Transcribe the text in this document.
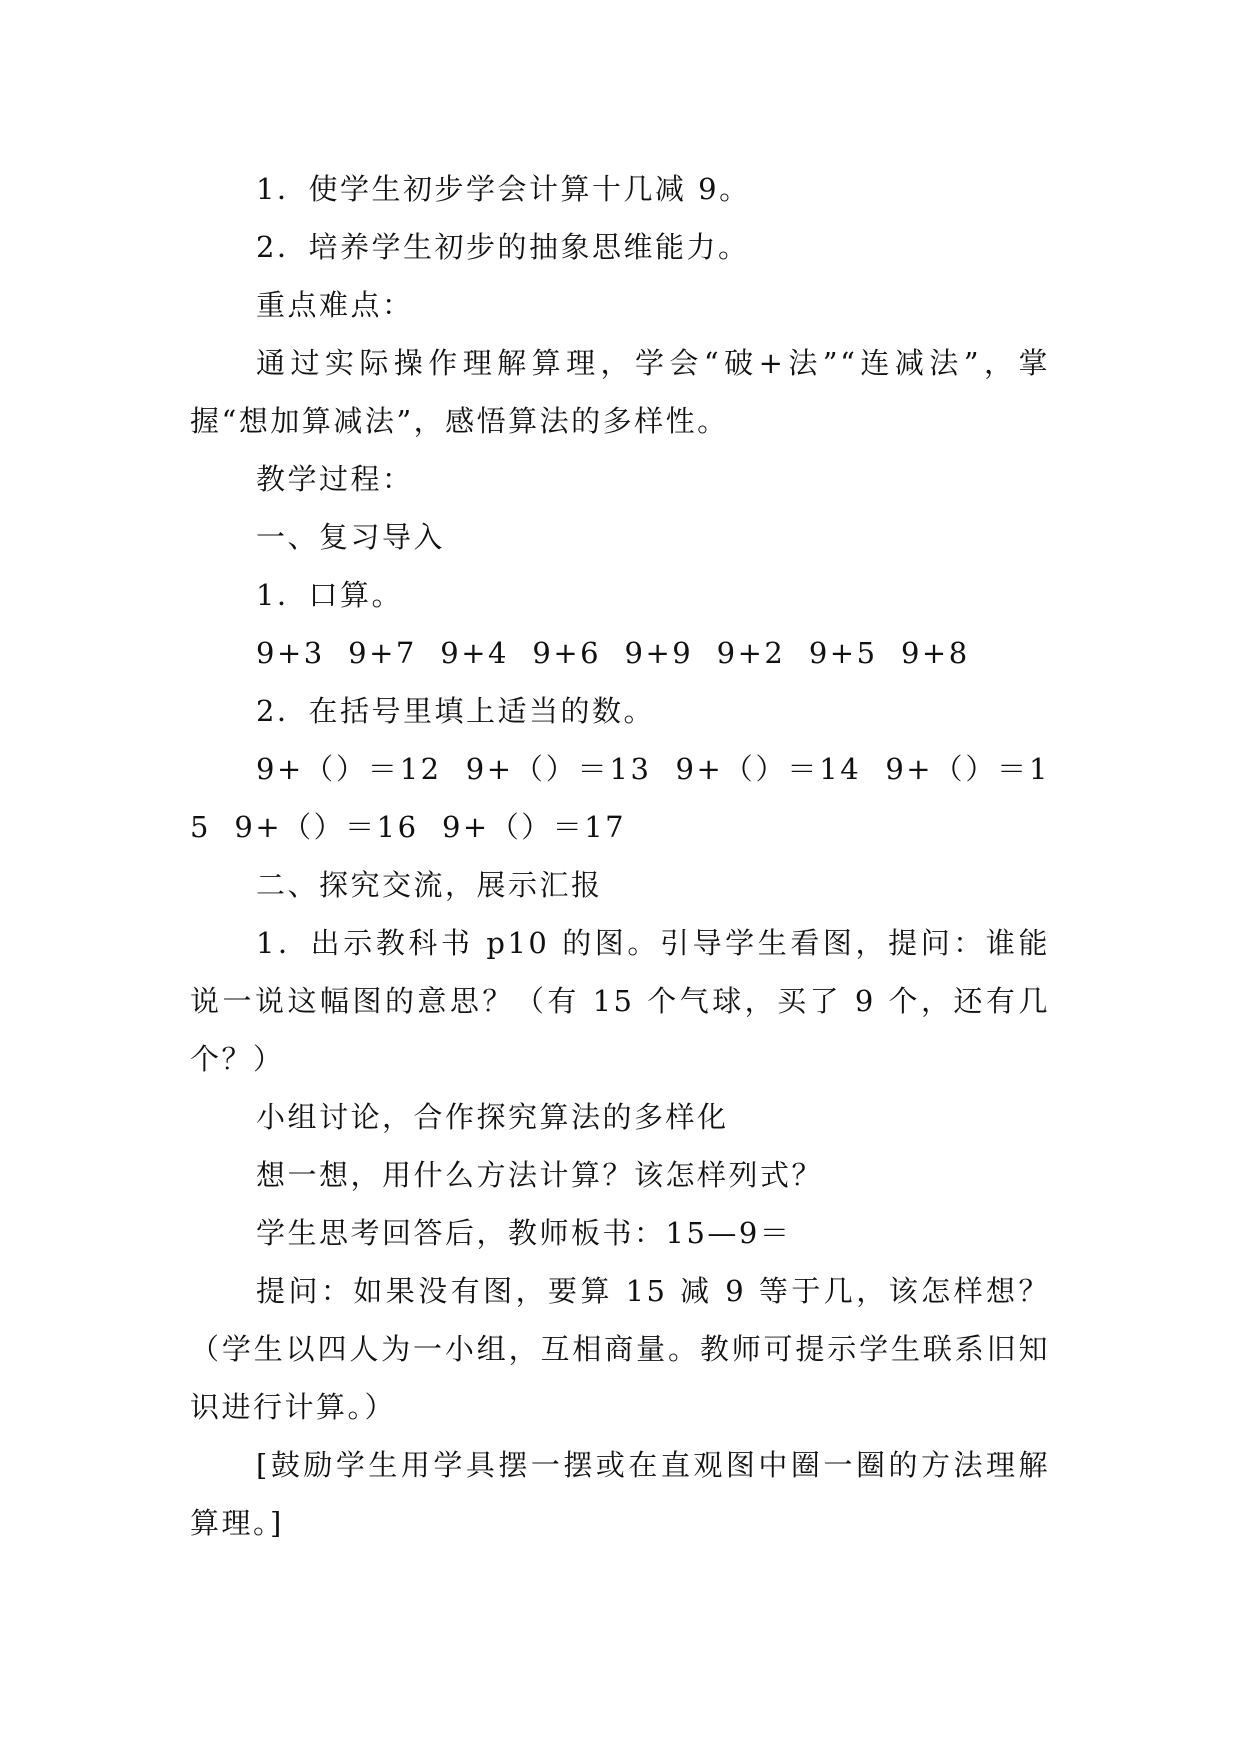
1．使学生初步学会计算十几减 9。

2．培养学生初步的抽象思维能力。

重点难点：

通过实际操作理解算理，学会“破+法”“连减法”，掌握“想加算减法”，感悟算法的多样性。

教学过程：

一、复习导入

1．口算。

9+3  9+7  9+4  9+6  9+9  9+2  9+5  9+8

2．在括号里填上适当的数。

9+（）＝12  9+（）＝13  9+（）＝14  9+（）＝15  9+（）＝16  9+（）＝17

二、探究交流，展示汇报

1．出示教科书 p10 的图。引导学生看图，提问：谁能说一说这幅图的意思？（有 15 个气球，买了 9 个，还有几个？）

小组讨论，合作探究算法的多样化

想一想，用什么方法计算？该怎样列式？

学生思考回答后，教师板书：15—9＝

提问：如果没有图，要算 15 减 9 等于几，该怎样想？（学生以四人为一小组，互相商量。教师可提示学生联系旧知识进行计算。）

[鼓励学生用学具摆一摆或在直观图中圈一圈的方法理解算理。]
